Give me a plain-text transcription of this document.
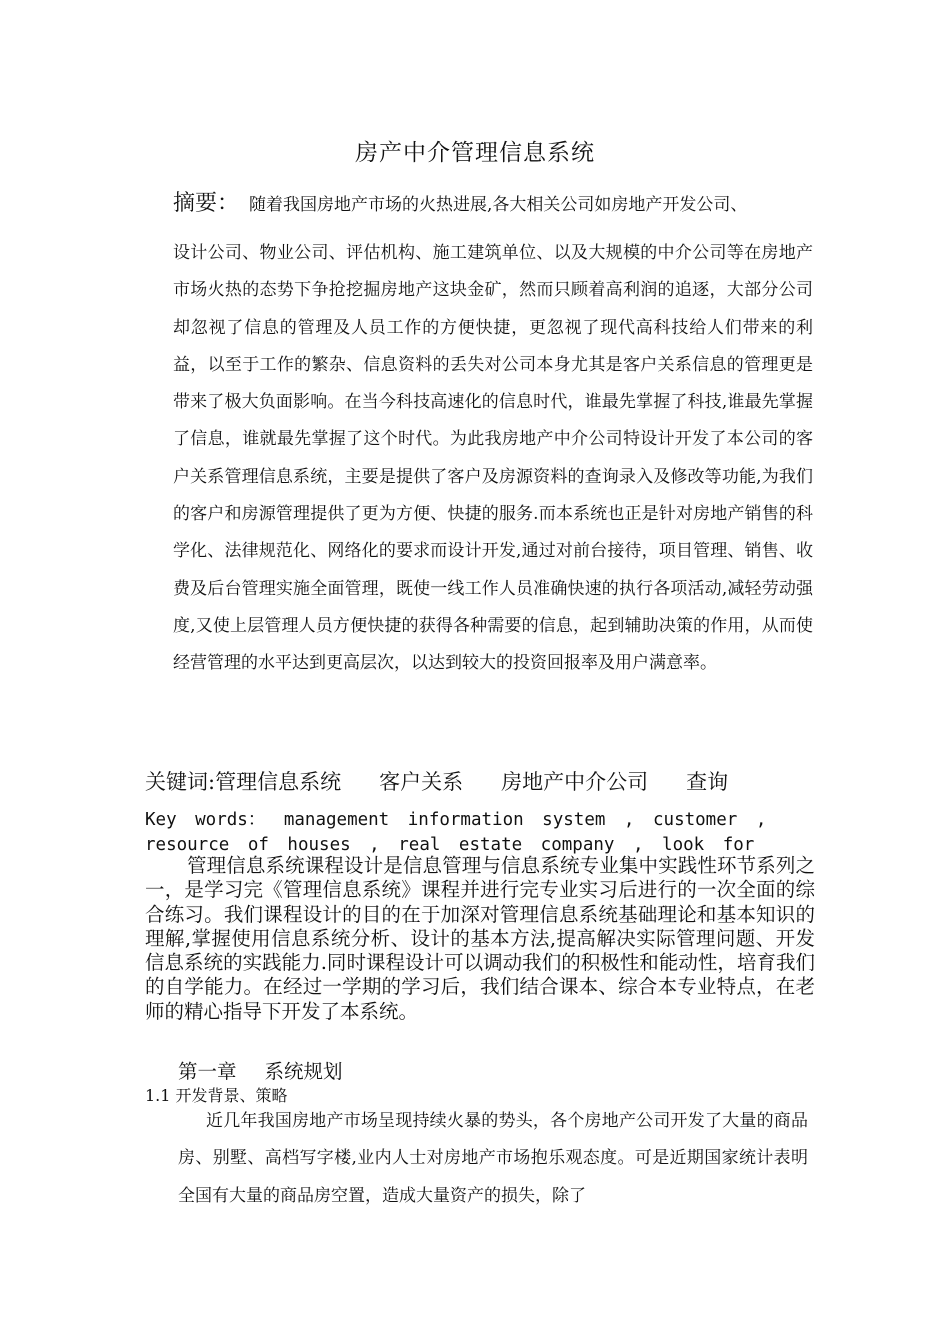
房产中介管理信息系统
摘要： 随着我国房地产市场的火热进展,各大相关公司如房地产开发公司、
设计公司、物业公司、评估机构、施工建筑单位、以及大规模的中介公司等在房地产市场火热的态势下争抢挖掘房地产这块金矿，然而只顾着高利润的追逐，大部分公司却忽视了信息的管理及人员工作的方便快捷，更忽视了现代高科技给人们带来的利益，以至于工作的繁杂、信息资料的丢失对公司本身尤其是客户关系信息的管理更是带来了极大负面影响。在当今科技高速化的信息时代，谁最先掌握了科技,谁最先掌握了信息，谁就最先掌握了这个时代。为此我房地产中介公司特设计开发了本公司的客户关系管理信息系统，主要是提供了客户及房源资料的查询录入及修改等功能,为我们的客户和房源管理提供了更为方便、快捷的服务.而本系统也正是针对房地产销售的科学化、法律规范化、网络化的要求而设计开发,通过对前台接待，项目管理、销售、收费及后台管理实施全面管理，既使一线工作人员准确快速的执行各项活动,减轻劳动强度,又使上层管理人员方便快捷的获得各种需要的信息，起到辅助决策的作用，从而使经营管理的水平达到更高层次，以达到较大的投资回报率及用户满意率。
关键词:管理信息系统 客户关系 房地产中介公司 查询
Key words： management information system , customer , resource of houses , real estate company , look for
管理信息系统课程设计是信息管理与信息系统专业集中实践性环节系列之一，是学习完《管理信息系统》课程并进行完专业实习后进行的一次全面的综合练习。我们课程设计的目的在于加深对管理信息系统基础理论和基本知识的理解,掌握使用信息系统分析、设计的基本方法,提高解决实际管理问题、开发信息系统的实践能力.同时课程设计可以调动我们的积极性和能动性，培育我们的自学能力。在经过一学期的学习后，我们结合课本、综合本专业特点，在老师的精心指导下开发了本系统。
第一章 系统规划
1.1 开发背景、策略
近几年我国房地产市场呈现持续火暴的势头，各个房地产公司开发了大量的商品房、别墅、高档写字楼,业内人士对房地产市场抱乐观态度。可是近期国家统计表明全国有大量的商品房空置，造成大量资产的损失，除了
